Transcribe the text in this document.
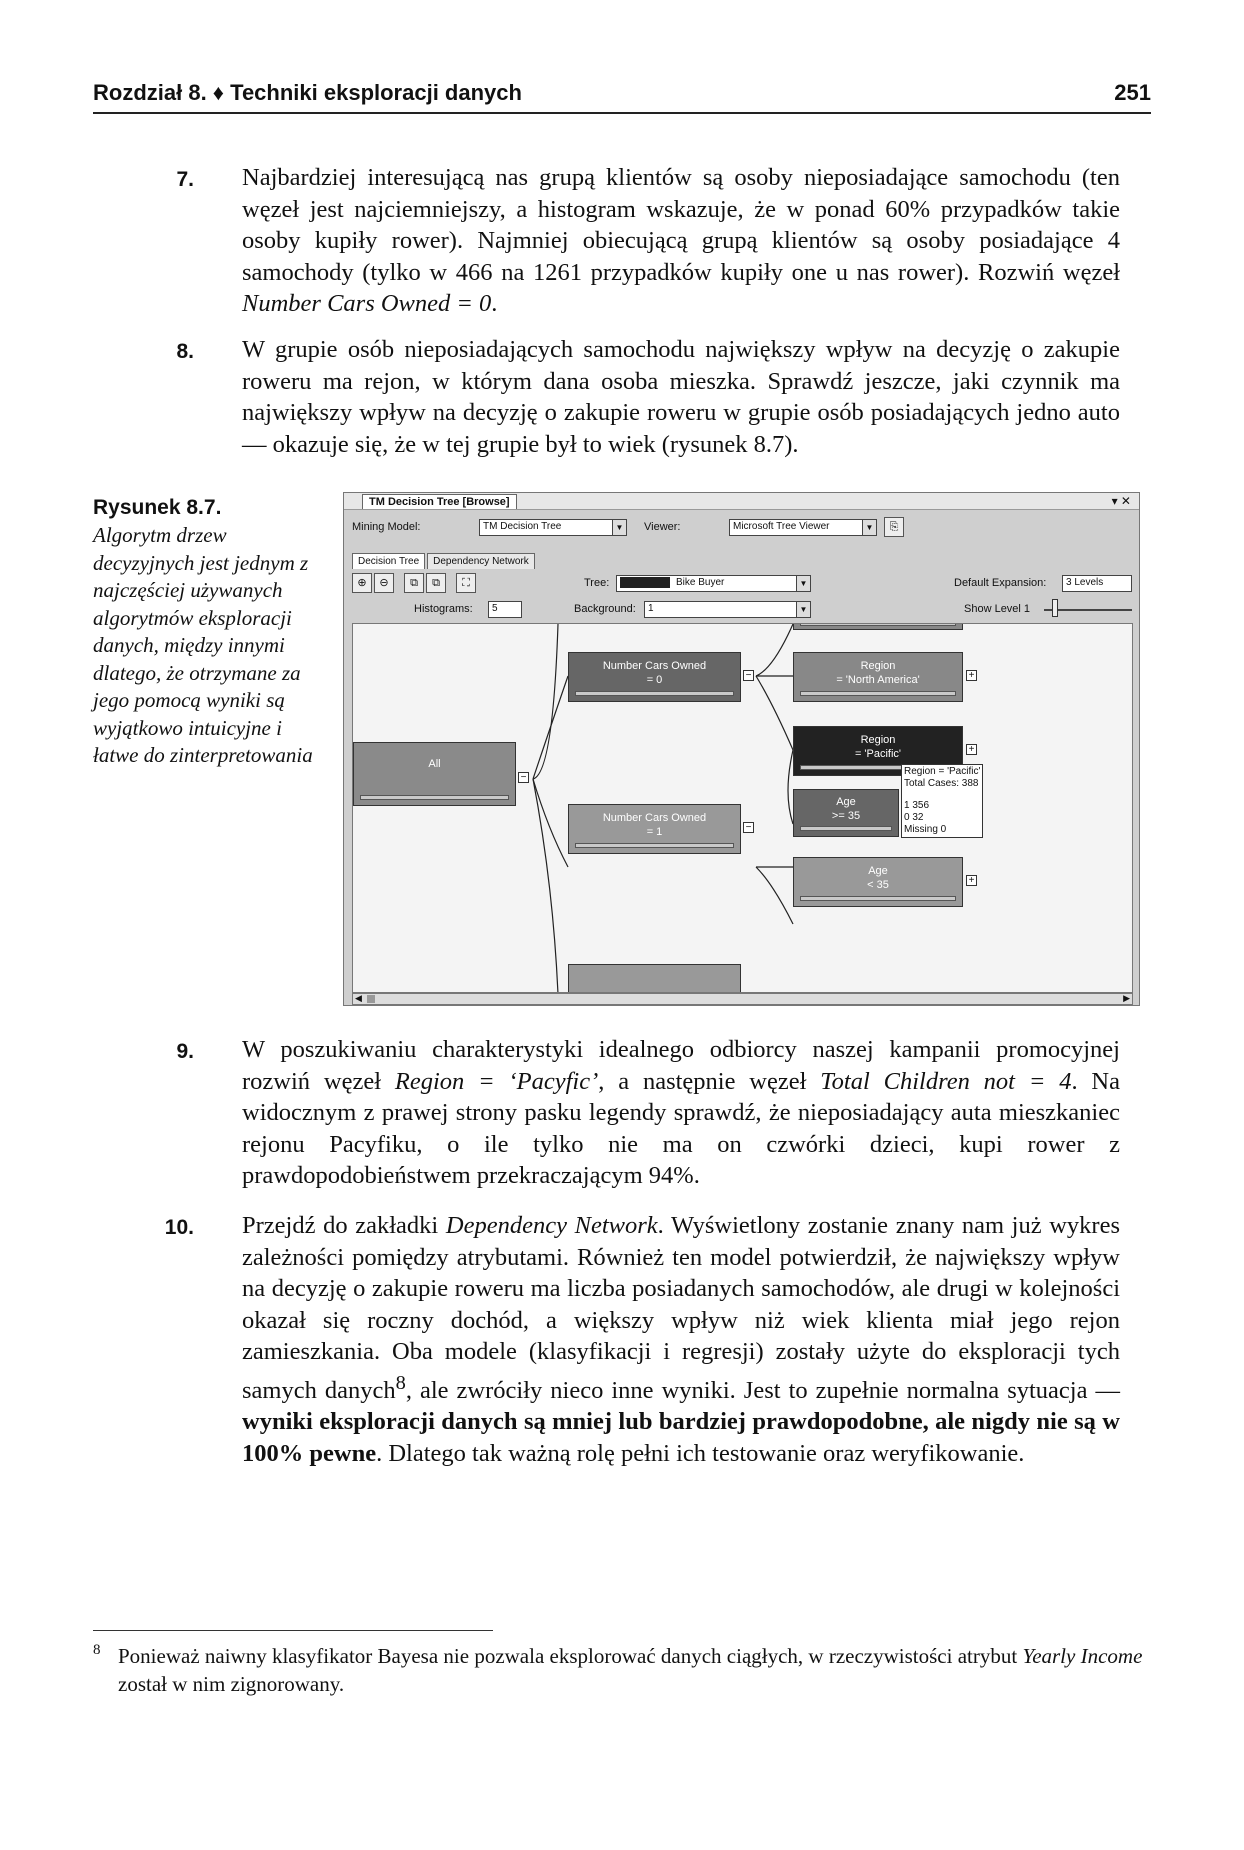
Rozdział 8. ♦ Techniki eksploracji danych	251
7.	Najbardziej interesującą nas grupą klientów są osoby nieposiadające samochodu (ten węzeł jest najciemniejszy, a histogram wskazuje, że w ponad 60% przypadków takie osoby kupiły rower). Najmniej obiecującą grupą klientów są osoby posiadające 4 samochody (tylko w 466 na 1261 przypadków kupiły one u nas rower). Rozwiń węzeł Number Cars Owned = 0.
8.	W grupie osób nieposiadających samochodu największy wpływ na decyzję o zakupie roweru ma rejon, w którym dana osoba mieszka. Sprawdź jeszcze, jaki czynnik ma największy wpływ na decyzję o zakupie roweru w grupie osób posiadających jedno auto — okazuje się, że w tej grupie był to wiek (rysunek 8.7).
Rysunek 8.7.
Algorytm drzew decyzyjnych jest jednym z najczęściej używanych algorytmów eksploracji danych, między innymi dlatego, że otrzymane za jego pomocą wyniki są wyjątkowo intuicyjne i łatwe do zinterpretowania
TM Decision Tree [Browse]	▾ ✕
Mining Model:	TM Decision Tree	▼ Viewer:	Microsoft Tree Viewer	▼	⎘
Decision Tree Dependency Network
⊕	⊖	⧉	⧉	⛶	Tree:	Bike Buyer	▼	Default Expansion:	3 Levels
Histograms:	5	Background:	1	▼	Show Level 1
All
−
Number Cars Owned
= 0	−
Number Cars Owned
= 1	−
Region
= 'North America'	+
Region
= 'Pacific'	+
Age
>= 35
Region = 'Pacific'
Total Cases: 388
1 356
0 32
Missing 0
Age
< 35	+
◀	▶
9.	W poszukiwaniu charakterystyki idealnego odbiorcy naszej kampanii promocyjnej rozwiń węzeł Region = ‘Pacyfic’, a następnie węzeł Total Children not = 4. Na widocznym z prawej strony pasku legendy sprawdź, że nieposiadający auta mieszkaniec rejonu Pacyfiku, o ile tylko nie ma on czwórki dzieci, kupi rower z prawdopodobieństwem przekraczającym 94%.
10.	Przejdź do zakładki Dependency Network. Wyświetlony zostanie znany nam już wykres zależności pomiędzy atrybutami. Również ten model potwierdził, że największy wpływ na decyzję o zakupie roweru ma liczba posiadanych samochodów, ale drugi w kolejności okazał się roczny dochód, a większy wpływ niż wiek klienta miał jego rejon zamieszkania. Oba modele (klasyfikacji i regresji) zostały użyte do eksploracji tych samych danych$^8$, ale zwróciły nieco inne wyniki. Jest to zupełnie normalna sytuacja — wyniki eksploracji danych są mniej lub bardziej prawdopodobne, ale nigdy nie są w 100% pewne. Dlatego tak ważną rolę pełni ich testowanie oraz weryfikowanie.
8 Ponieważ naiwny klasyfikator Bayesa nie pozwala eksplorować danych ciągłych, w rzeczywistości atrybut Yearly Income został w nim zignorowany.
